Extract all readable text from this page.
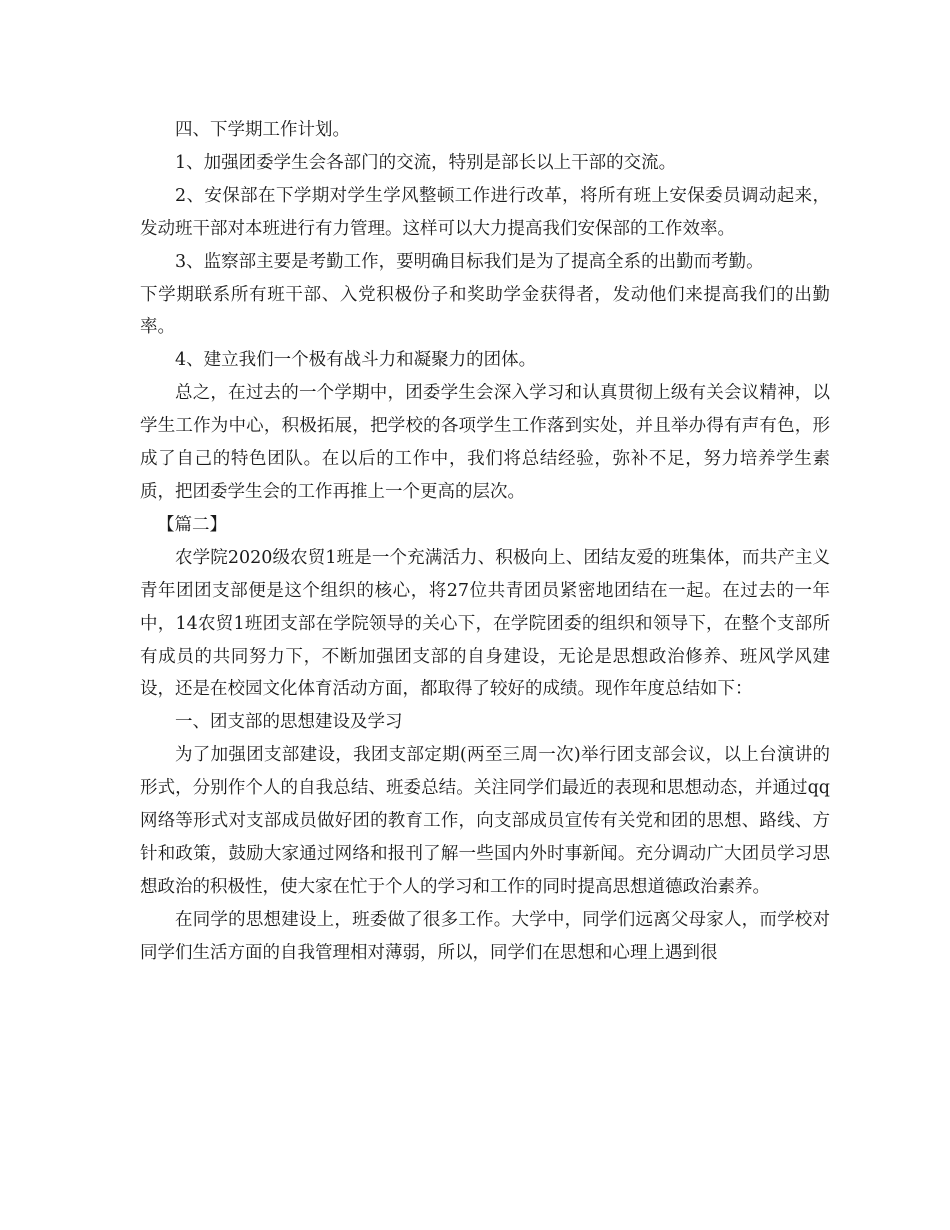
四、下学期工作计划。

1、加强团委学生会各部门的交流，特别是部长以上干部的交流。

2、安保部在下学期对学生学风整顿工作进行改革，将所有班上安保委员调动起来，发动班干部对本班进行有力管理。这样可以大力提高我们安保部的工作效率。

3、监察部主要是考勤工作，要明确目标我们是为了提高全系的出勤而考勤。

下学期联系所有班干部、入党积极份子和奖助学金获得者，发动他们来提高我们的出勤率。

4、建立我们一个极有战斗力和凝聚力的团体。

总之，在过去的一个学期中，团委学生会深入学习和认真贯彻上级有关会议精神，以学生工作为中心，积极拓展，把学校的各项学生工作落到实处，并且举办得有声有色，形成了自己的特色团队。在以后的工作中，我们将总结经验，弥补不足，努力培养学生素质，把团委学生会的工作再推上一个更高的层次。

【篇二】

农学院2020级农贸1班是一个充满活力、积极向上、团结友爱的班集体，而共产主义青年团团支部便是这个组织的核心，将27位共青团员紧密地团结在一起。在过去的一年中，14农贸1班团支部在学院领导的关心下，在学院团委的组织和领导下，在整个支部所有成员的共同努力下，不断加强团支部的自身建设，无论是思想政治修养、班风学风建设，还是在校园文化体育活动方面，都取得了较好的成绩。现作年度总结如下：

一、团支部的思想建设及学习

为了加强团支部建设，我团支部定期(两至三周一次)举行团支部会议，以上台演讲的形式，分别作个人的自我总结、班委总结。关注同学们最近的表现和思想动态，并通过qq网络等形式对支部成员做好团的教育工作，向支部成员宣传有关党和团的思想、路线、方针和政策，鼓励大家通过网络和报刊了解一些国内外时事新闻。充分调动广大团员学习思想政治的积极性，使大家在忙于个人的学习和工作的同时提高思想道德政治素养。

在同学的思想建设上，班委做了很多工作。大学中，同学们远离父母家人，而学校对同学们生活方面的自我管理相对薄弱，所以，同学们在思想和心理上遇到很
